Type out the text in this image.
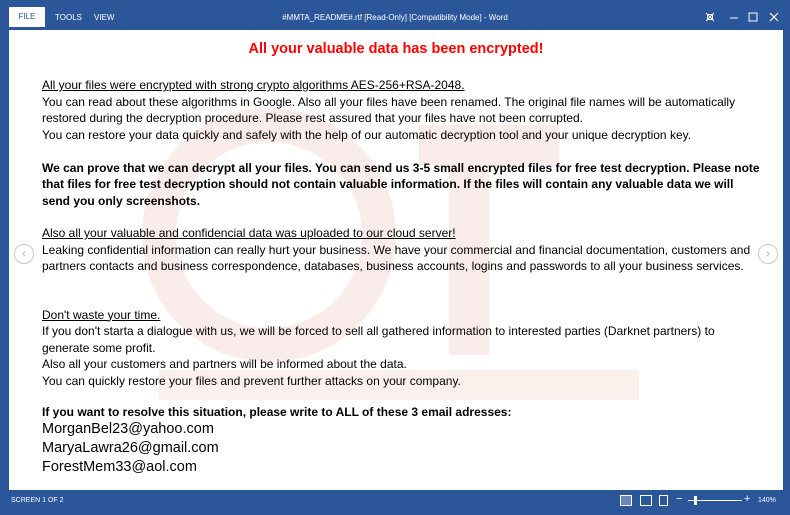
FILE	TOOLS VIEW	#MMTA_README#.rtf [Read-Only] [Compatibility Mode] - Word
All your valuable data has been encrypted!
All your files were encrypted with strong crypto algorithms AES-256+RSA-2048.
You can read about these algorithms in Google. Also all your files have been renamed. The original file names will be automatically restored during the decryption procedure. Please rest assured that your files have not been corrupted.
You can restore your data quickly and safely with the help of our automatic decryption tool and your unique decryption key.
We can prove that we can decrypt all your files. You can send us 3-5 small encrypted files for free test decryption. Please note that files for free test decryption should not contain valuable information. If the files will contain any valuable data we will send you only screenshots.
Also all your valuable and confidencial data was uploaded to our cloud server!
Leaking confidential information can really hurt your business. We have your commercial and financial documentation, customers and partners contacts and business correspondence, databases, business accounts, logins and passwords to all your business services.
Don't waste your time.
If you don't starta a dialogue with us, we will be forced to sell all gathered information to interested parties (Darknet partners) to generate some profit.
Also all your customers and partners will be informed about the data.
You can quickly restore your files and prevent further attacks on your company.
If you want to resolve this situation, please write to ALL of these 3 email adresses:
MorganBel23@yahoo.com
MaryaLawra26@gmail.com
ForestMem33@aol.com
‹	›
SCREEN 1 OF 2	−	+ 140%
